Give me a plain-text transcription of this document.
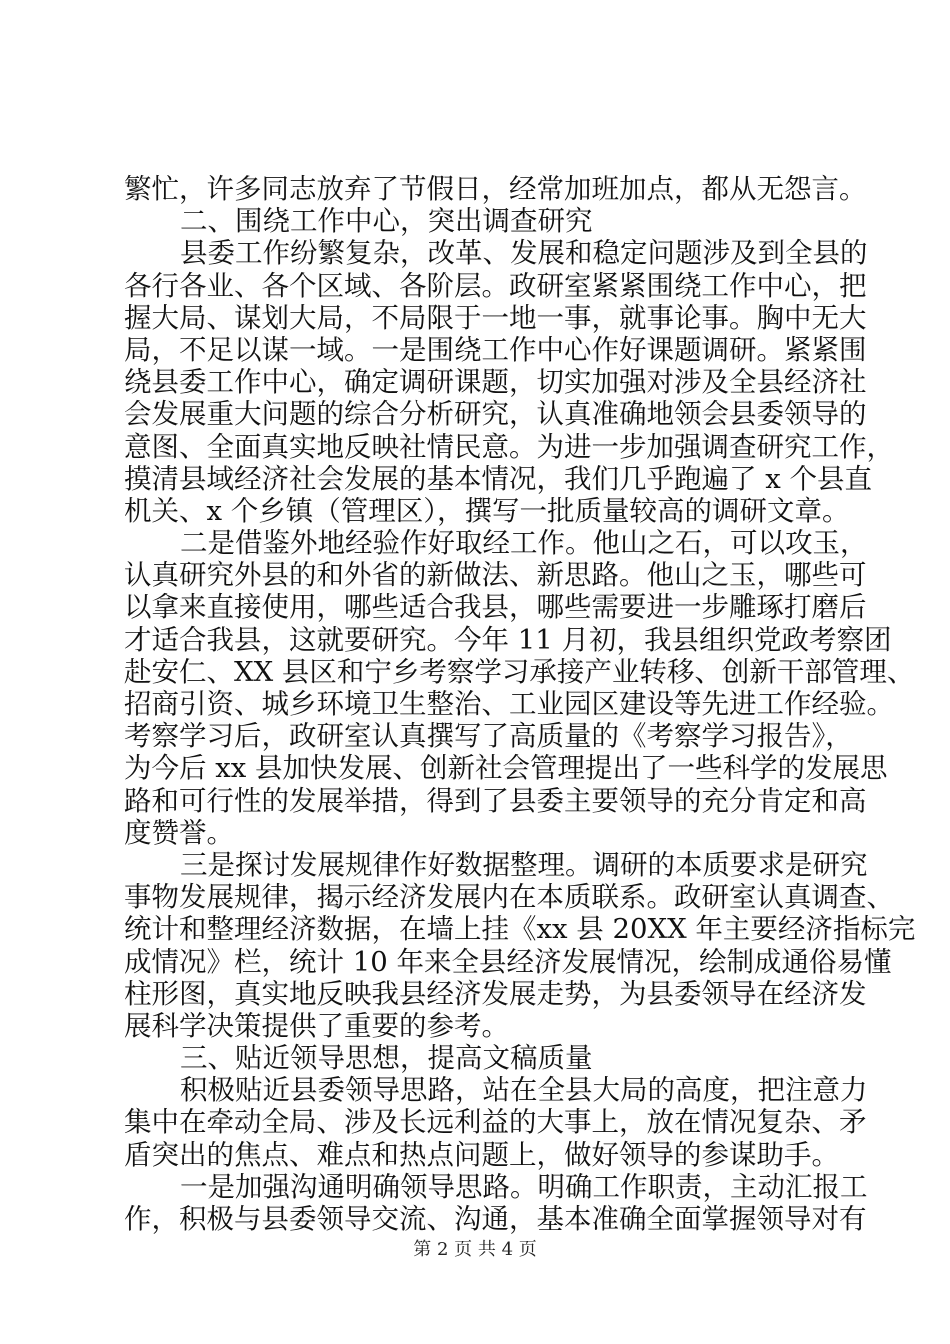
繁忙，许多同志放弃了节假日，经常加班加点，都从无怨言。
二、围绕工作中心，突出调查研究
县委工作纷繁复杂，改革、发展和稳定问题涉及到全县的
各行各业、各个区域、各阶层。政研室紧紧围绕工作中心，把
握大局、谋划大局，不局限于一地一事，就事论事。胸中无大
局，不足以谋一域。一是围绕工作中心作好课题调研。紧紧围
绕县委工作中心，确定调研课题，切实加强对涉及全县经济社
会发展重大问题的综合分析研究，认真准确地领会县委领导的
意图、全面真实地反映社情民意。为进一步加强调查研究工作，
摸清县域经济社会发展的基本情况，我们几乎跑遍了 x 个县直
机关、x 个乡镇（管理区），撰写一批质量较高的调研文章。
二是借鉴外地经验作好取经工作。他山之石，可以攻玉，
认真研究外县的和外省的新做法、新思路。他山之玉，哪些可
以拿来直接使用，哪些适合我县，哪些需要进一步雕琢打磨后
才适合我县，这就要研究。今年 11 月初，我县组织党政考察团
赴安仁、XX 县区和宁乡考察学习承接产业转移、创新干部管理、
招商引资、城乡环境卫生整治、工业园区建设等先进工作经验。
考察学习后，政研室认真撰写了高质量的《考察学习报告》，
为今后 xx 县加快发展、创新社会管理提出了一些科学的发展思
路和可行性的发展举措，得到了县委主要领导的充分肯定和高
度赞誉。
三是探讨发展规律作好数据整理。调研的本质要求是研究
事物发展规律，揭示经济发展内在本质联系。政研室认真调查、
统计和整理经济数据，在墙上挂《xx 县 20XX 年主要经济指标完
成情况》栏，统计 10 年来全县经济发展情况，绘制成通俗易懂
柱形图，真实地反映我县经济发展走势，为县委领导在经济发
展科学决策提供了重要的参考。
三、贴近领导思想，提高文稿质量
积极贴近县委领导思路，站在全县大局的高度，把注意力
集中在牵动全局、涉及长远利益的大事上，放在情况复杂、矛
盾突出的焦点、难点和热点问题上，做好领导的参谋助手。
一是加强沟通明确领导思路。明确工作职责，主动汇报工
作，积极与县委领导交流、沟通，基本准确全面掌握领导对有
第 2 页 共 4 页
